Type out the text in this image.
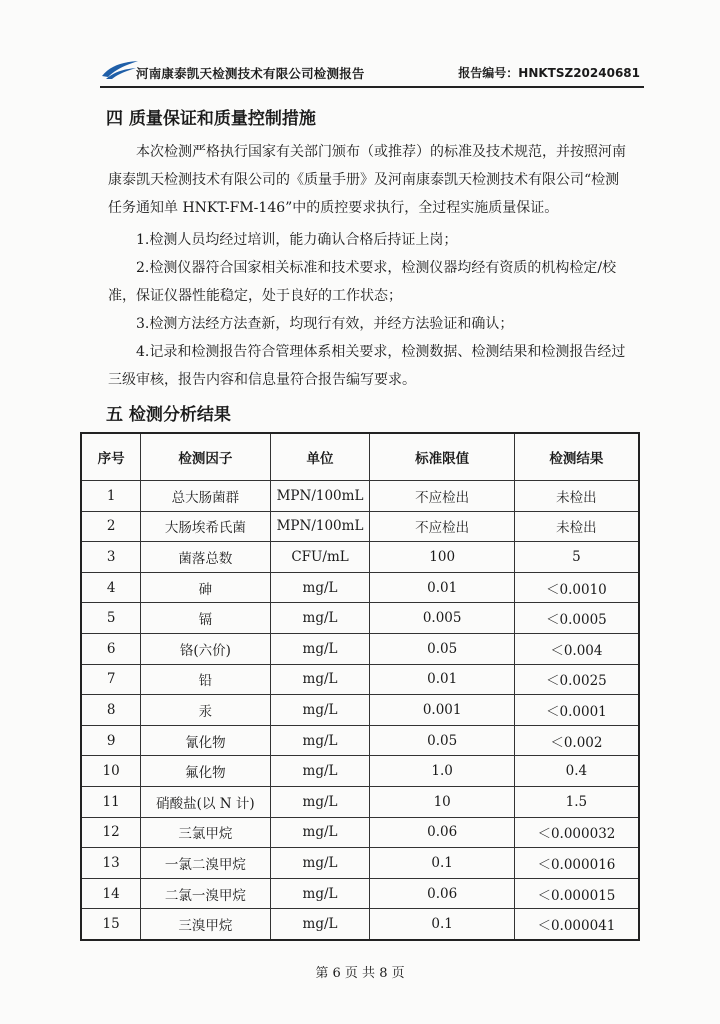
河南康泰凯天检测技术有限公司检测报告	报告编号：HNKTSZ20240681
四 质量保证和质量控制措施

本次检测严格执行国家有关部门颁布（或推荐）的标准及技术规范，并按照河南康泰凯天检测技术有限公司的《质量手册》及河南康泰凯天检测技术有限公司“检测任务通知单 HNKT-FM-146”中的质控要求执行，全过程实施质量保证。

1.检测人员均经过培训，能力确认合格后持证上岗；

2.检测仪器符合国家相关标准和技术要求，检测仪器均经有资质的机构检定/校准，保证仪器性能稳定，处于良好的工作状态；

3.检测方法经方法查新，均现行有效，并经方法验证和确认；

4.记录和检测报告符合管理体系相关要求，检测数据、检测结果和检测报告经过三级审核，报告内容和信息量符合报告编写要求。

五 检测分析结果
序号	检测因子	单位	标准限值	检测结果
1	总大肠菌群	MPN/100mL	不应检出	未检出
2	大肠埃希氏菌	MPN/100mL	不应检出	未检出
3	菌落总数	CFU/mL	100	5
4	砷	mg/L	0.01	＜0.0010
5	镉	mg/L	0.005	＜0.0005
6	铬(六价)	mg/L	0.05	＜0.004
7	铅	mg/L	0.01	＜0.0025
8	汞	mg/L	0.001	＜0.0001
9	氰化物	mg/L	0.05	＜0.002
10	氟化物	mg/L	1.0	0.4
11	硝酸盐(以 N 计)	mg/L	10	1.5
12	三氯甲烷	mg/L	0.06	＜0.000032
13	一氯二溴甲烷	mg/L	0.1	＜0.000016
14	二氯一溴甲烷	mg/L	0.06	＜0.000015
15	三溴甲烷	mg/L	0.1	＜0.000041
第 6 页 共 8 页
